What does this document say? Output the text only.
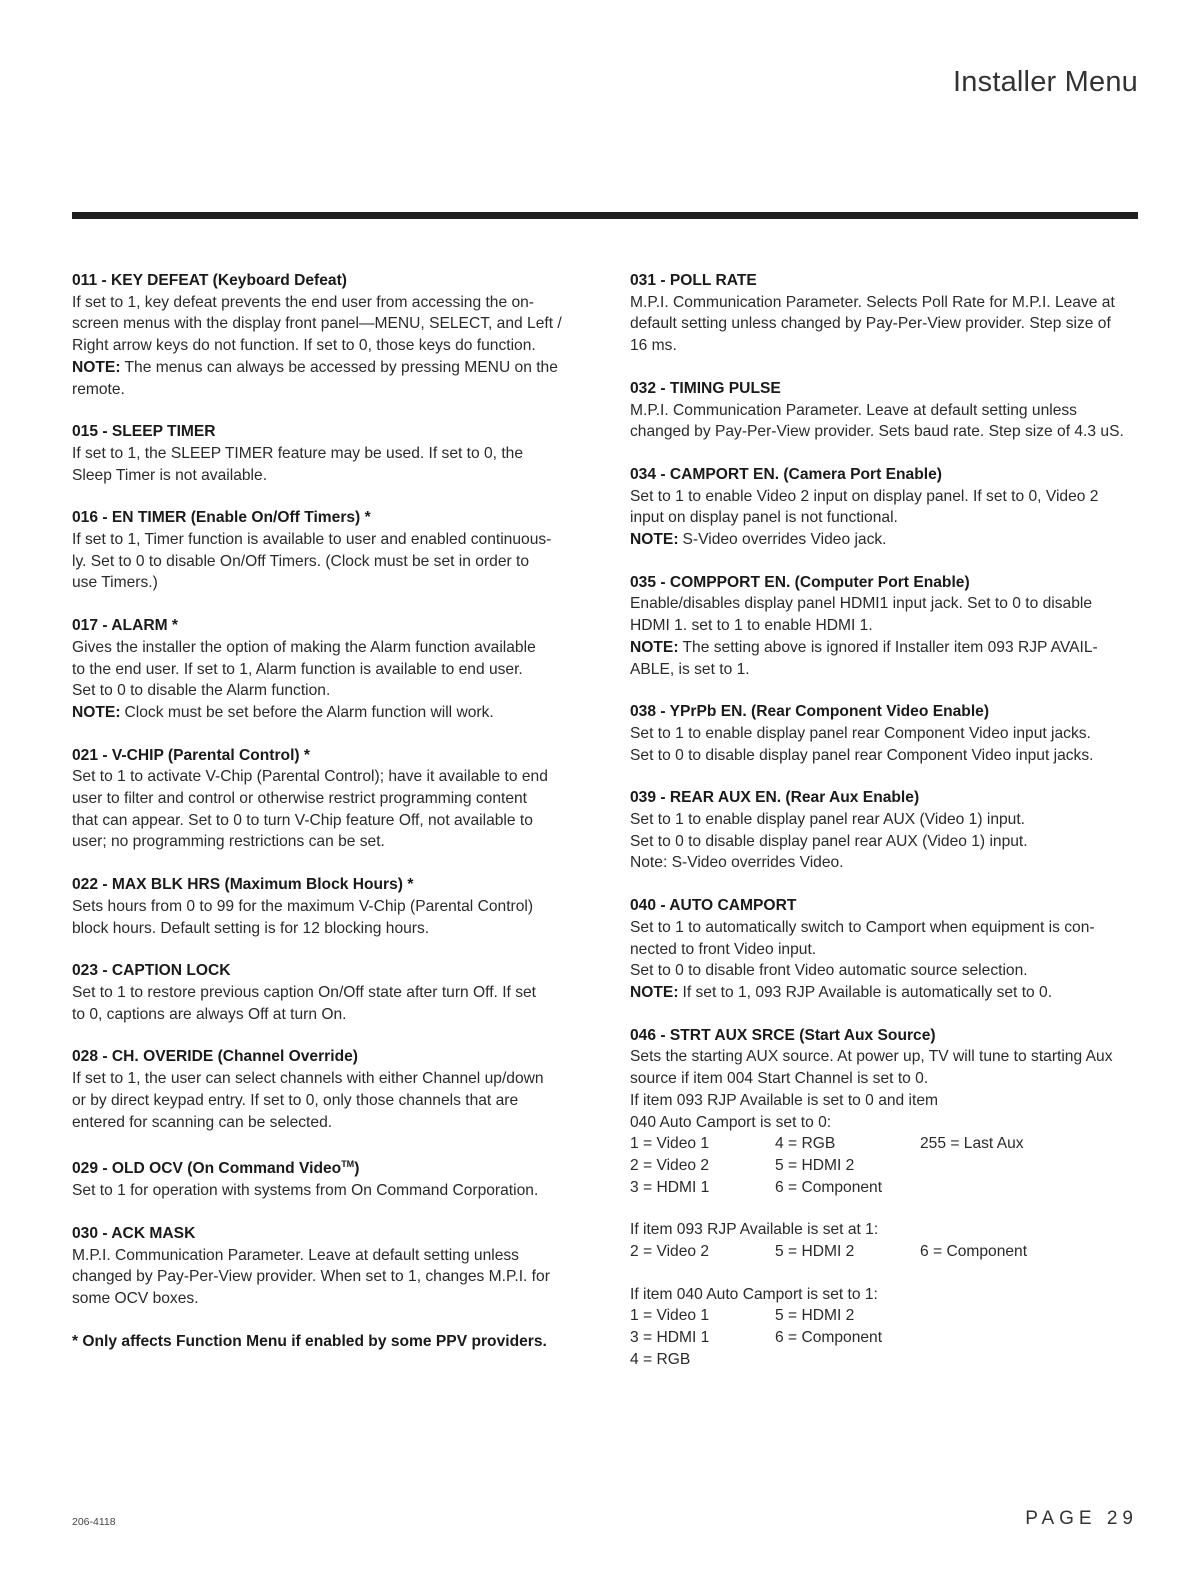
Installer Menu
011 - KEY DEFEAT (Keyboard Defeat)
If set to 1, key defeat prevents the end user from accessing the on-
screen menus with the display front panel—MENU, SELECT, and Left /
Right arrow keys do not function. If set to 0, those keys do function.
NOTE: The menus can always be accessed by pressing MENU on the
remote.
015 - SLEEP TIMER
If set to 1, the SLEEP TIMER feature may be used. If set to 0, the
Sleep Timer is not available.
016 - EN TIMER (Enable On/Off Timers) *
If set to 1, Timer function is available to user and enabled continuous-
ly. Set to 0 to disable On/Off Timers. (Clock must be set in order to
use Timers.)
017 - ALARM *
Gives the installer the option of making the Alarm function available
to the end user. If set to 1, Alarm function is available to end user.
Set to 0 to disable the Alarm function.
NOTE: Clock must be set before the Alarm function will work.
021 - V-CHIP (Parental Control) *
Set to 1 to activate V-Chip (Parental Control); have it available to end
user to filter and control or otherwise restrict programming content
that can appear. Set to 0 to turn V-Chip feature Off, not available to
user; no programming restrictions can be set.
022 - MAX BLK HRS (Maximum Block Hours) *
Sets hours from 0 to 99 for the maximum V-Chip (Parental Control)
block hours. Default setting is for 12 blocking hours.
023 - CAPTION LOCK
Set to 1 to restore previous caption On/Off state after turn Off. If set
to 0, captions are always Off at turn On.
028 - CH. OVERIDE (Channel Override)
If set to 1, the user can select channels with either Channel up/down
or by direct keypad entry. If set to 0, only those channels that are
entered for scanning can be selected.
029 - OLD OCV (On Command Video™)
Set to 1 for operation with systems from On Command Corporation.
030 - ACK MASK
M.P.I. Communication Parameter. Leave at default setting unless
changed by Pay-Per-View provider. When set to 1, changes M.P.I. for
some OCV boxes.
* Only affects Function Menu if enabled by some PPV providers.
031 - POLL RATE
M.P.I. Communication Parameter. Selects Poll Rate for M.P.I. Leave at
default setting unless changed by Pay-Per-View provider. Step size of
16 ms.
032 - TIMING PULSE
M.P.I. Communication Parameter. Leave at default setting unless
changed by Pay-Per-View provider. Sets baud rate. Step size of 4.3 uS.
034 - CAMPORT EN. (Camera Port Enable)
Set to 1 to enable Video 2 input on display panel. If set to 0, Video 2
input on display panel is not functional.
NOTE: S-Video overrides Video jack.
035 - COMPPORT EN. (Computer Port Enable)
Enable/disables display panel HDMI1 input jack. Set to 0 to disable
HDMI 1. set to 1 to enable HDMI 1.
NOTE: The setting above is ignored if Installer item 093 RJP AVAIL-
ABLE, is set to 1.
038 - YPrPb EN. (Rear Component Video Enable)
Set to 1 to enable display panel rear Component Video input jacks.
Set to 0 to disable display panel rear Component Video input jacks.
039 - REAR AUX EN. (Rear Aux Enable)
Set to 1 to enable display panel rear AUX (Video 1) input.
Set to 0 to disable display panel rear AUX (Video 1) input.
Note: S-Video overrides Video.
040 - AUTO CAMPORT
Set to 1 to automatically switch to Camport when equipment is con-
nected to front Video input.
Set to 0 to disable front Video automatic source selection.
NOTE: If set to 1, 093 RJP Available is automatically set to 0.
046 - STRT AUX SRCE (Start Aux Source)
Sets the starting AUX source. At power up, TV will tune to starting Aux
source if item 004 Start Channel is set to 0.
If item 093 RJP Available is set to 0 and item
040 Auto Camport is set to 0:
1 = Video 1	4 = RGB	255 = Last Aux
2 = Video 2	5 = HDMI 2
3 = HDMI 1	6 = Component
If item 093 RJP Available is set at 1:
2 = Video 2	5 = HDMI 2	6 = Component
If item 040 Auto Camport is set to 1:
1 = Video 1	5 = HDMI 2
3 = HDMI 1	6 = Component
4 = RGB
206-4118	PAGE 29
